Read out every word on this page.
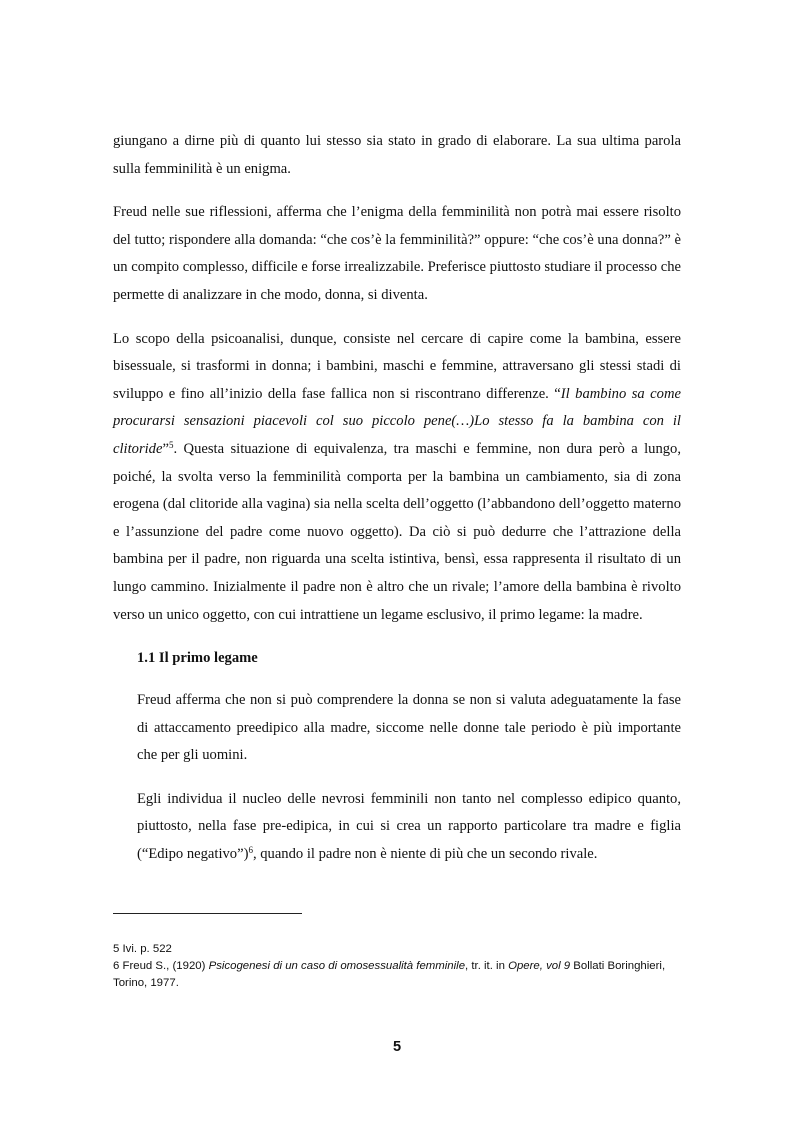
giungano a dirne più di quanto lui stesso sia stato in grado di elaborare. La sua ultima parola sulla femminilità è un enigma.

Freud nelle sue riflessioni, afferma che l’enigma della femminilità non potrà mai essere risolto del tutto; rispondere alla domanda: “che cos’è la femminilità?” oppure: “che cos’è una donna?” è un compito complesso, difficile e forse irrealizzabile. Preferisce piuttosto studiare il processo che permette di analizzare in che modo, donna, si diventa.

Lo scopo della psicoanalisi, dunque, consiste nel cercare di capire come la bambina, essere bisessuale, si trasformi in donna; i bambini, maschi e femmine, attraversano gli stessi stadi di sviluppo e fino all’inizio della fase fallica non si riscontrano differenze. “Il bambino sa come procurarsi sensazioni piacevoli col suo piccolo pene(…)Lo stesso fa la bambina con il clitoride”$^5$. Questa situazione di equivalenza, tra maschi e femmine, non dura però a lungo, poiché, la svolta verso la femminilità comporta per la bambina un cambiamento, sia di zona erogena (dal clitoride alla vagina) sia nella scelta dell’oggetto (l’abbandono dell’oggetto materno e l’assunzione del padre come nuovo oggetto). Da ciò si può dedurre che l’attrazione della bambina per il padre, non riguarda una scelta istintiva, bensì, essa rappresenta il risultato di un lungo cammino. Inizialmente il padre non è altro che un rivale; l’amore della bambina è rivolto verso un unico oggetto, con cui intrattiene un legame esclusivo, il primo legame: la madre.

1.1 Il primo legame

Freud afferma che non si può comprendere la donna se non si valuta adeguatamente la fase di attaccamento preedipico alla madre, siccome nelle donne tale periodo è più importante che per gli uomini.

Egli individua il nucleo delle nevrosi femminili non tanto nel complesso edipico quanto, piuttosto, nella fase pre-edipica, in cui si crea un rapporto particolare tra madre e figlia (“Edipo negativo”)$^6$, quando il padre non è niente di più che un secondo rivale.

5 Ivi. p. 522

6 Freud S., (1920) Psicogenesi di un caso di omosessualità femminile, tr. it. in Opere, vol 9 Bollati Boringhieri, Torino, 1977.

5
